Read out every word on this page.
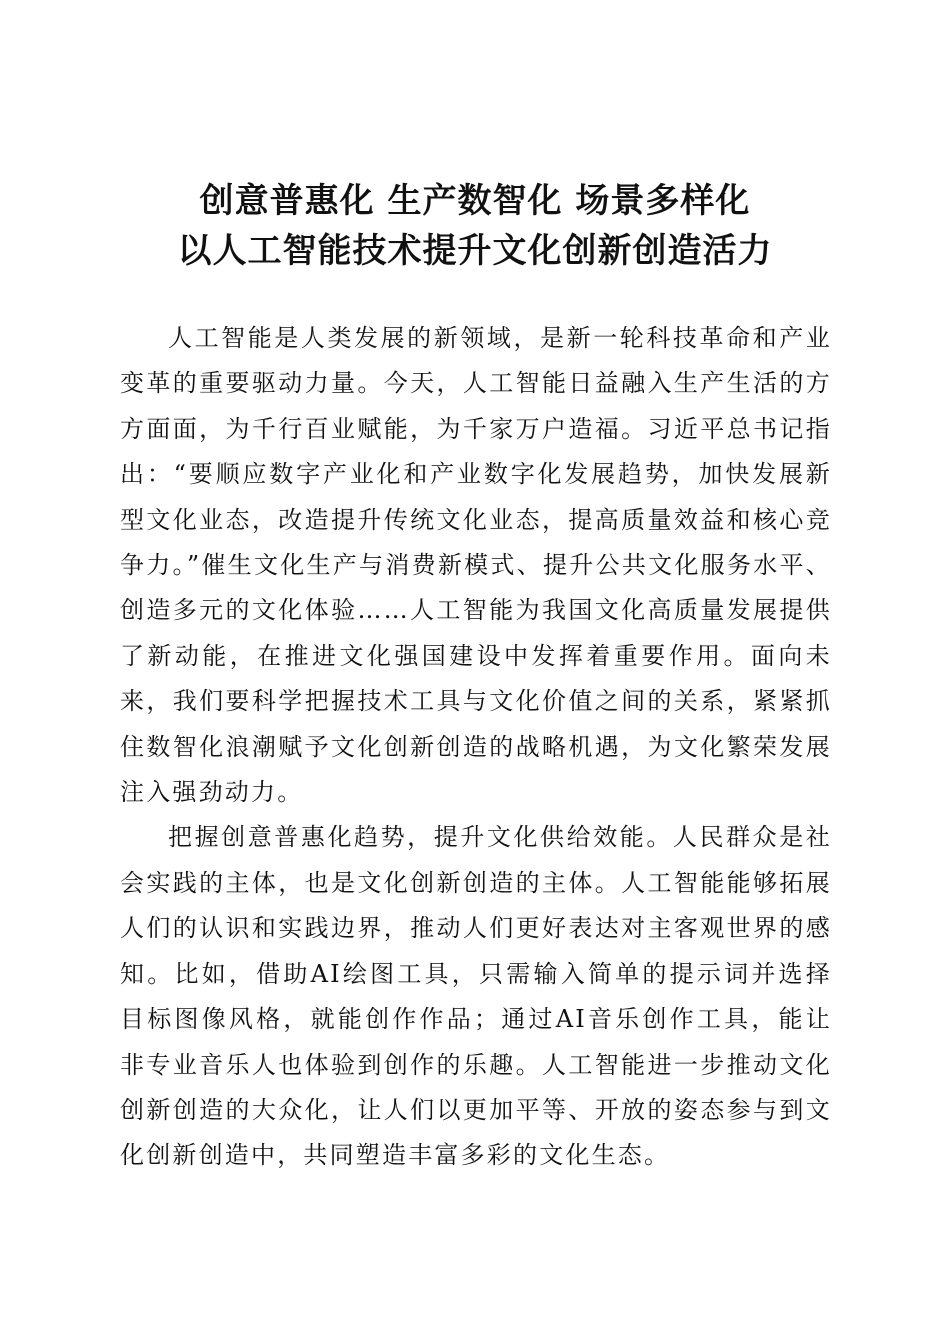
创意普惠化 生产数智化 场景多样化
以人工智能技术提升文化创新创造活力

人工智能是人类发展的新领域，是新一轮科技革命和产业变革的重要驱动力量。今天，人工智能日益融入生产生活的方方面面，为千行百业赋能，为千家万户造福。习近平总书记指出：“要顺应数字产业化和产业数字化发展趋势，加快发展新型文化业态，改造提升传统文化业态，提高质量效益和核心竞争力。”催生文化生产与消费新模式、提升公共文化服务水平、创造多元的文化体验……人工智能为我国文化高质量发展提供了新动能，在推进文化强国建设中发挥着重要作用。面向未来，我们要科学把握技术工具与文化价值之间的关系，紧紧抓住数智化浪潮赋予文化创新创造的战略机遇，为文化繁荣发展注入强劲动力。

把握创意普惠化趋势，提升文化供给效能。人民群众是社会实践的主体，也是文化创新创造的主体。人工智能能够拓展人们的认识和实践边界，推动人们更好表达对主客观世界的感知。比如，借助AI绘图工具，只需输入简单的提示词并选择目标图像风格，就能创作作品；通过AI音乐创作工具，能让非专业音乐人也体验到创作的乐趣。人工智能进一步推动文化创新创造的大众化，让人们以更加平等、开放的姿态参与到文化创新创造中，共同塑造丰富多彩的文化生态。
